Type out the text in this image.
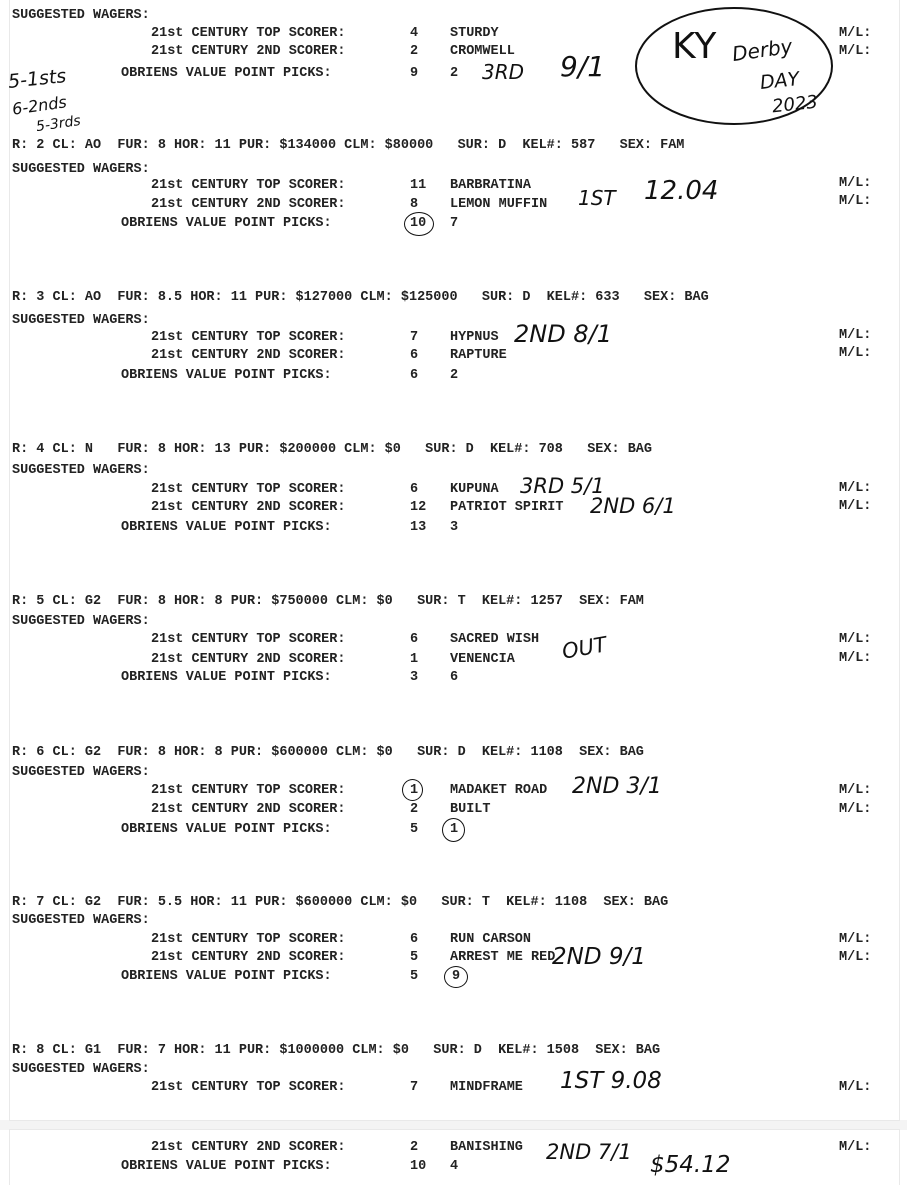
SUGGESTED WAGERS:
21st CENTURY TOP SCORER:	4 STURDY	M/L:
21st CENTURY 2ND SCORER:	2 CROMWELL	M/L:
OBRIENS VALUE POINT PICKS:	9 2
R: 2 CL: AO  FUR: 8 HOR: 11 PUR: $134000 CLM: $80000   SUR: D  KEL#: 587   SEX: FAM
SUGGESTED WAGERS:
21st CENTURY TOP SCORER:	11 BARBRATINA	M/L:
21st CENTURY 2ND SCORER:	8 LEMON MUFFIN	M/L:
OBRIENS VALUE POINT PICKS:	10 7
R: 3 CL: AO  FUR: 8.5 HOR: 11 PUR: $127000 CLM: $125000   SUR: D  KEL#: 633   SEX: BAG
SUGGESTED WAGERS:
21st CENTURY TOP SCORER:	7 HYPNUS	M/L:
21st CENTURY 2ND SCORER:	6 RAPTURE	M/L:
OBRIENS VALUE POINT PICKS:	6 2
R: 4 CL: N   FUR: 8 HOR: 13 PUR: $200000 CLM: $0   SUR: D  KEL#: 708   SEX: BAG
SUGGESTED WAGERS:
21st CENTURY TOP SCORER:	6 KUPUNA	M/L:
21st CENTURY 2ND SCORER:	12 PATRIOT SPIRIT	M/L:
OBRIENS VALUE POINT PICKS:	13 3
R: 5 CL: G2  FUR: 8 HOR: 8 PUR: $750000 CLM: $0   SUR: T  KEL#: 1257  SEX: FAM
SUGGESTED WAGERS:
21st CENTURY TOP SCORER:	6 SACRED WISH	M/L:
21st CENTURY 2ND SCORER:	1 VENENCIA	M/L:
OBRIENS VALUE POINT PICKS:	3 6
R: 6 CL: G2  FUR: 8 HOR: 8 PUR: $600000 CLM: $0   SUR: D  KEL#: 1108  SEX: BAG
SUGGESTED WAGERS:
21st CENTURY TOP SCORER:	1 MADAKET ROAD	M/L:
21st CENTURY 2ND SCORER:	2 BUILT	M/L:
OBRIENS VALUE POINT PICKS:	5 1
R: 7 CL: G2  FUR: 5.5 HOR: 11 PUR: $600000 CLM: $0   SUR: T  KEL#: 1108  SEX: BAG
SUGGESTED WAGERS:
21st CENTURY TOP SCORER:	6 RUN CARSON	M/L:
21st CENTURY 2ND SCORER:	5 ARREST ME RED	M/L:
OBRIENS VALUE POINT PICKS:	5	9
R: 8 CL: G1  FUR: 7 HOR: 11 PUR: $1000000 CLM: $0   SUR: D  KEL#: 1508  SEX: BAG
SUGGESTED WAGERS:
21st CENTURY TOP SCORER:	7 MINDFRAME	M/L:
21st CENTURY 2ND SCORER:	2 BANISHING	M/L:
OBRIENS VALUE POINT PICKS:	10 4
KY Derby
DAY
2023
5-1sts
6-2nds
5-3rds
3RD 9/1
1ST 12.04
2ND 8/1
3RD 5/1
2ND 6/1
OUT
2ND 3/1
2ND 9/1
1ST 9.08
2ND 7/1 $54.12
